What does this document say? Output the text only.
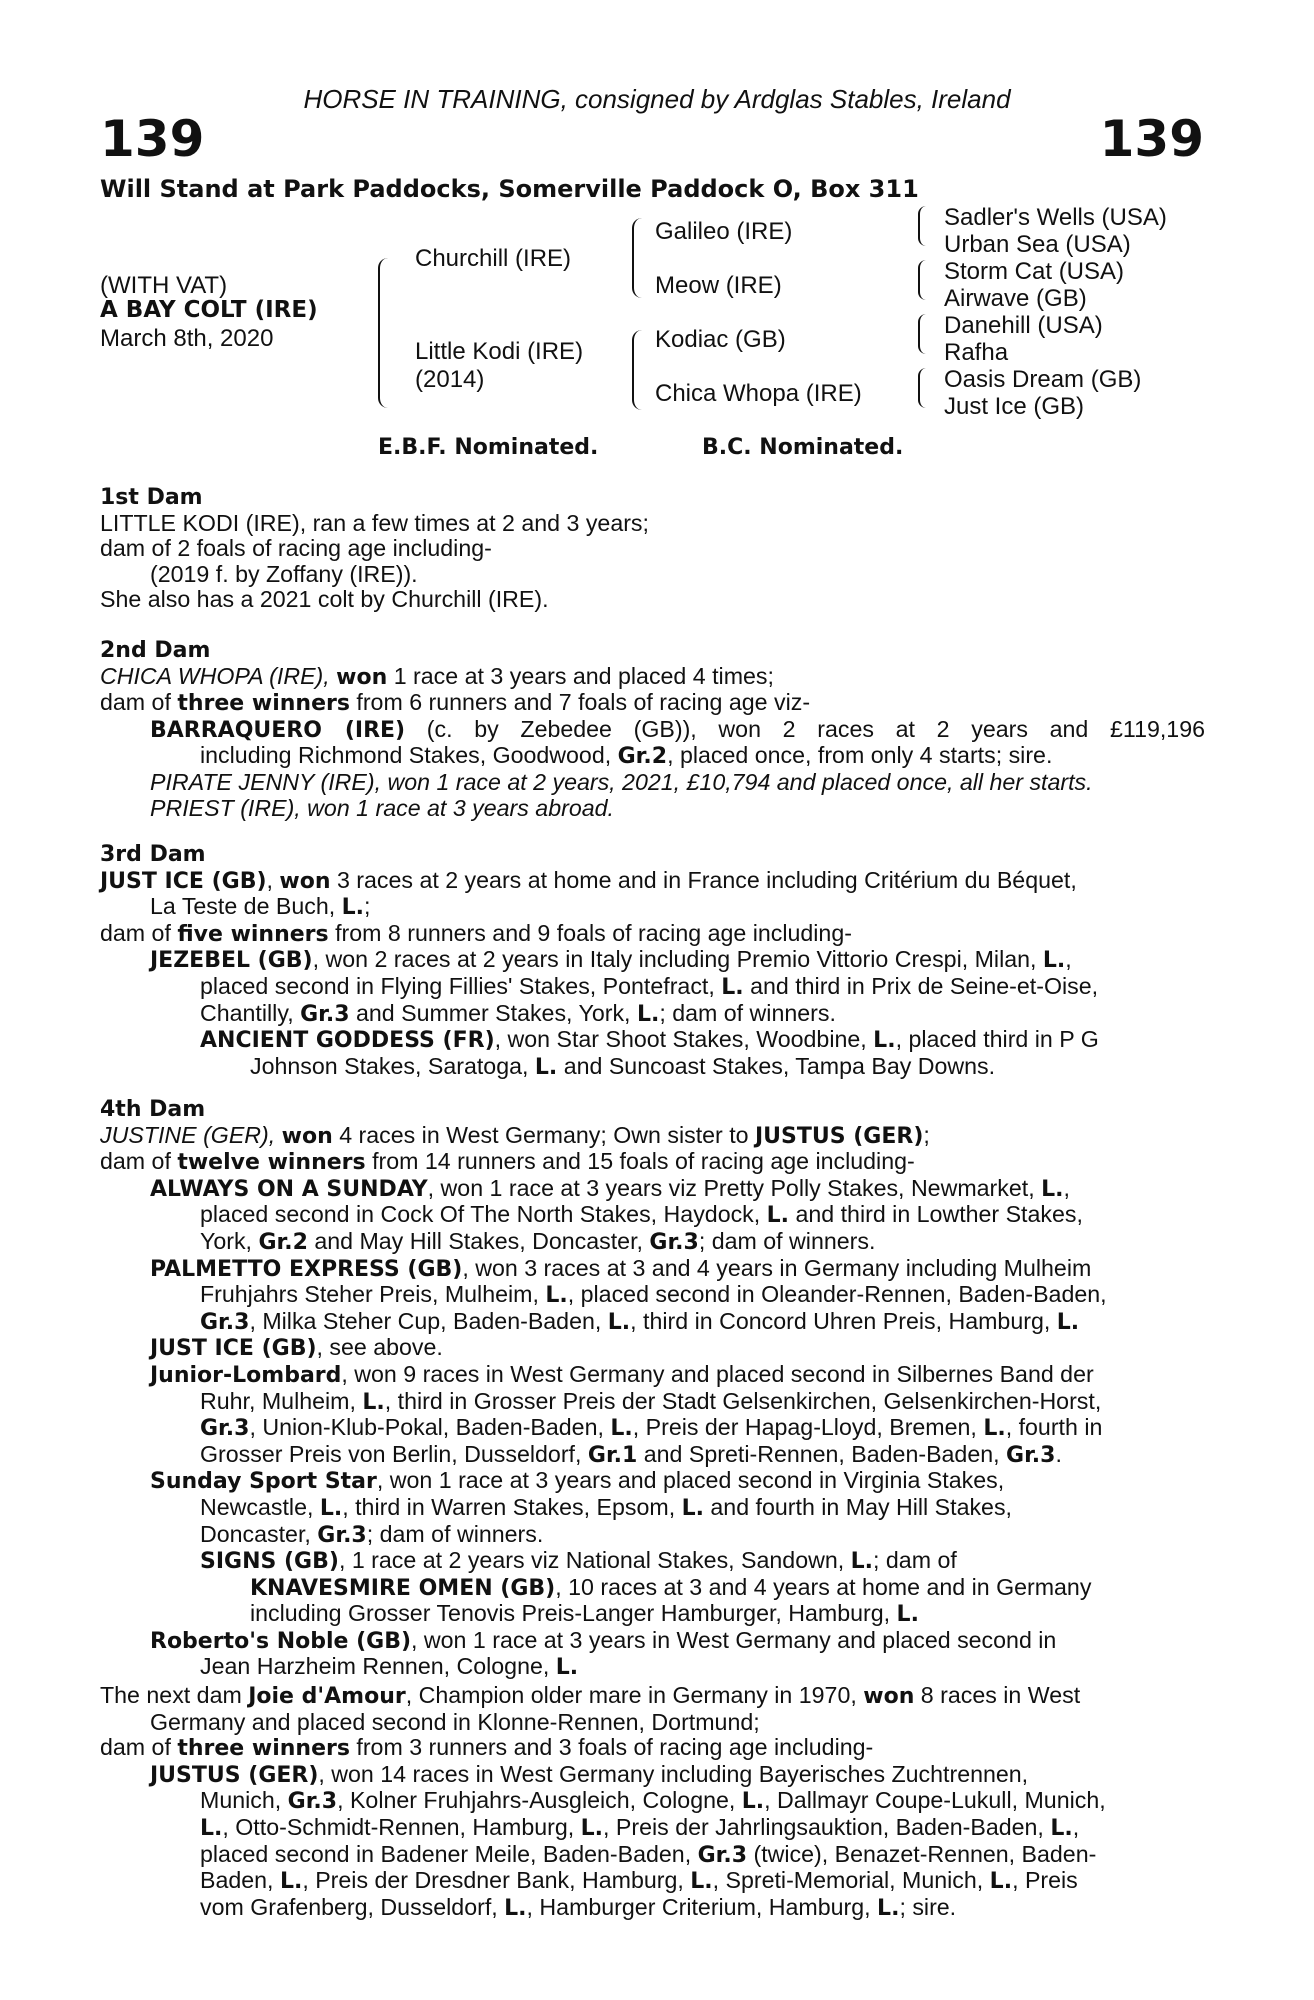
HORSE IN TRAINING, consigned by Ardglas Stables, Ireland
139	139
Will Stand at Park Paddocks, Somerville Paddock O, Box 311
(WITH VAT)
A BAY COLT (IRE)
March 8th, 2020
Churchill (IRE)
Little Kodi (IRE)
(2014)
Galileo (IRE)
Meow (IRE)
Kodiac (GB)
Chica Whopa (IRE)
Sadler's Wells (USA)
Urban Sea (USA)
Storm Cat (USA)
Airwave (GB)
Danehill (USA)
Rafha
Oasis Dream (GB)
Just Ice (GB)
E.B.F. Nominated.	B.C. Nominated.
1st Dam
LITTLE KODI (IRE), ran a few times at 2 and 3 years;
dam of 2 foals of racing age including-
(2019 f. by Zoffany (IRE)).
She also has a 2021 colt by Churchill (IRE).
2nd Dam
CHICA WHOPA (IRE), won 1 race at 3 years and placed 4 times;
dam of three winners from 6 runners and 7 foals of racing age viz-
BARRAQUERO (IRE) (c. by Zebedee (GB)), won 2 races at 2 years and £119,196
including Richmond Stakes, Goodwood, Gr.2, placed once, from only 4 starts; sire.
PIRATE JENNY (IRE), won 1 race at 2 years, 2021, £10,794 and placed once, all her starts.
PRIEST (IRE), won 1 race at 3 years abroad.
3rd Dam
JUST ICE (GB), won 3 races at 2 years at home and in France including Critérium du Béquet,
La Teste de Buch, L.;
dam of five winners from 8 runners and 9 foals of racing age including-
JEZEBEL (GB), won 2 races at 2 years in Italy including Premio Vittorio Crespi, Milan, L.,
placed second in Flying Fillies' Stakes, Pontefract, L. and third in Prix de Seine-et-Oise,
Chantilly, Gr.3 and Summer Stakes, York, L.; dam of winners.
ANCIENT GODDESS (FR), won Star Shoot Stakes, Woodbine, L., placed third in P G
Johnson Stakes, Saratoga, L. and Suncoast Stakes, Tampa Bay Downs.
4th Dam
JUSTINE (GER), won 4 races in West Germany; Own sister to JUSTUS (GER);
dam of twelve winners from 14 runners and 15 foals of racing age including-
ALWAYS ON A SUNDAY, won 1 race at 3 years viz Pretty Polly Stakes, Newmarket, L.,
placed second in Cock Of The North Stakes, Haydock, L. and third in Lowther Stakes,
York, Gr.2 and May Hill Stakes, Doncaster, Gr.3; dam of winners.
PALMETTO EXPRESS (GB), won 3 races at 3 and 4 years in Germany including Mulheim
Fruhjahrs Steher Preis, Mulheim, L., placed second in Oleander-Rennen, Baden-Baden,
Gr.3, Milka Steher Cup, Baden-Baden, L., third in Concord Uhren Preis, Hamburg, L.
JUST ICE (GB), see above.
Junior-Lombard, won 9 races in West Germany and placed second in Silbernes Band der
Ruhr, Mulheim, L., third in Grosser Preis der Stadt Gelsenkirchen, Gelsenkirchen-Horst,
Gr.3, Union-Klub-Pokal, Baden-Baden, L., Preis der Hapag-Lloyd, Bremen, L., fourth in
Grosser Preis von Berlin, Dusseldorf, Gr.1 and Spreti-Rennen, Baden-Baden, Gr.3.
Sunday Sport Star, won 1 race at 3 years and placed second in Virginia Stakes,
Newcastle, L., third in Warren Stakes, Epsom, L. and fourth in May Hill Stakes,
Doncaster, Gr.3; dam of winners.
SIGNS (GB), 1 race at 2 years viz National Stakes, Sandown, L.; dam of
KNAVESMIRE OMEN (GB), 10 races at 3 and 4 years at home and in Germany
including Grosser Tenovis Preis-Langer Hamburger, Hamburg, L.
Roberto's Noble (GB), won 1 race at 3 years in West Germany and placed second in
Jean Harzheim Rennen, Cologne, L.
The next dam Joie d'Amour, Champion older mare in Germany in 1970, won 8 races in West
Germany and placed second in Klonne-Rennen, Dortmund;
dam of three winners from 3 runners and 3 foals of racing age including-
JUSTUS (GER), won 14 races in West Germany including Bayerisches Zuchtrennen,
Munich, Gr.3, Kolner Fruhjahrs-Ausgleich, Cologne, L., Dallmayr Coupe-Lukull, Munich,
L., Otto-Schmidt-Rennen, Hamburg, L., Preis der Jahrlingsauktion, Baden-Baden, L.,
placed second in Badener Meile, Baden-Baden, Gr.3 (twice), Benazet-Rennen, Baden-
Baden, L., Preis der Dresdner Bank, Hamburg, L., Spreti-Memorial, Munich, L., Preis
vom Grafenberg, Dusseldorf, L., Hamburger Criterium, Hamburg, L.; sire.
